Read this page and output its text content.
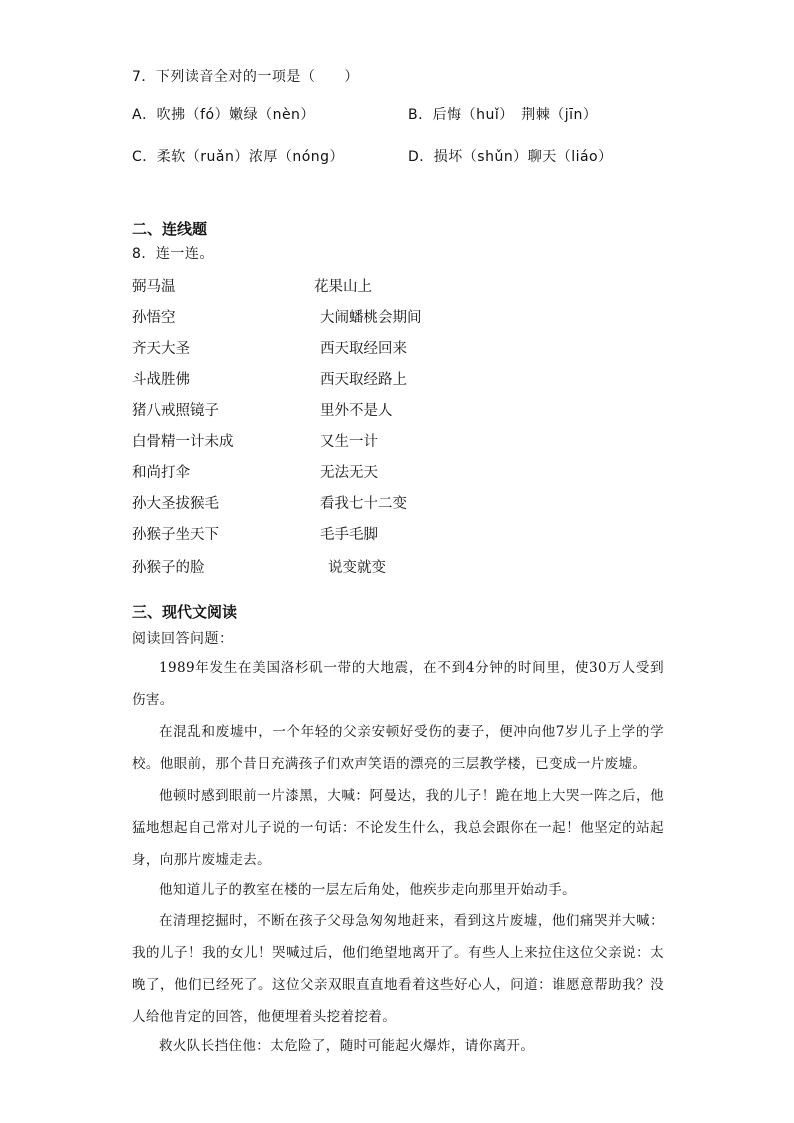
7．下列读音全对的一项是（　　）
A．吹拂（fó）嫩绿（nèn）	B．后悔（huǐ）　荆棘（jīn）
C．柔软（ruǎn）浓厚（nóng）	D．损坏（shǔn）聊天（liáo）
二、连线题
8．连一连。
弼马温
孙悟空
齐天大圣
斗战胜佛
猪八戒照镜子
白骨精一计未成
和尚打伞
孙大圣拔猴毛
孙猴子坐天下
孙猴子的脸
花果山上
大闹蟠桃会期间
西天取经回来
西天取经路上
里外不是人
又生一计
无法无天
看我七十二变
毛手毛脚
说变就变
三、现代文阅读
阅读回答问题：

1989年发生在美国洛杉矶一带的大地震，在不到4分钟的时间里，使30万人受到伤害。

在混乱和废墟中，一个年轻的父亲安顿好受伤的妻子，便冲向他7岁儿子上学的学校。他眼前，那个昔日充满孩子们欢声笑语的漂亮的三层教学楼，已变成一片废墟。

他顿时感到眼前一片漆黑，大喊：阿曼达，我的儿子！跪在地上大哭一阵之后，他猛地想起自己常对儿子说的一句话：不论发生什么，我总会跟你在一起！他坚定的站起身，向那片废墟走去。

他知道儿子的教室在楼的一层左后角处，他疾步走向那里开始动手。

在清理挖掘时，不断在孩子父母急匆匆地赶来，看到这片废墟，他们痛哭并大喊：我的儿子！我的女儿！哭喊过后，他们绝望地离开了。有些人上来拉住这位父亲说：太晚了，他们已经死了。这位父亲双眼直直地看着这些好心人，问道：谁愿意帮助我？没人给他肯定的回答，他便埋着头挖着挖着。

救火队长挡住他：太危险了，随时可能起火爆炸，请你离开。
